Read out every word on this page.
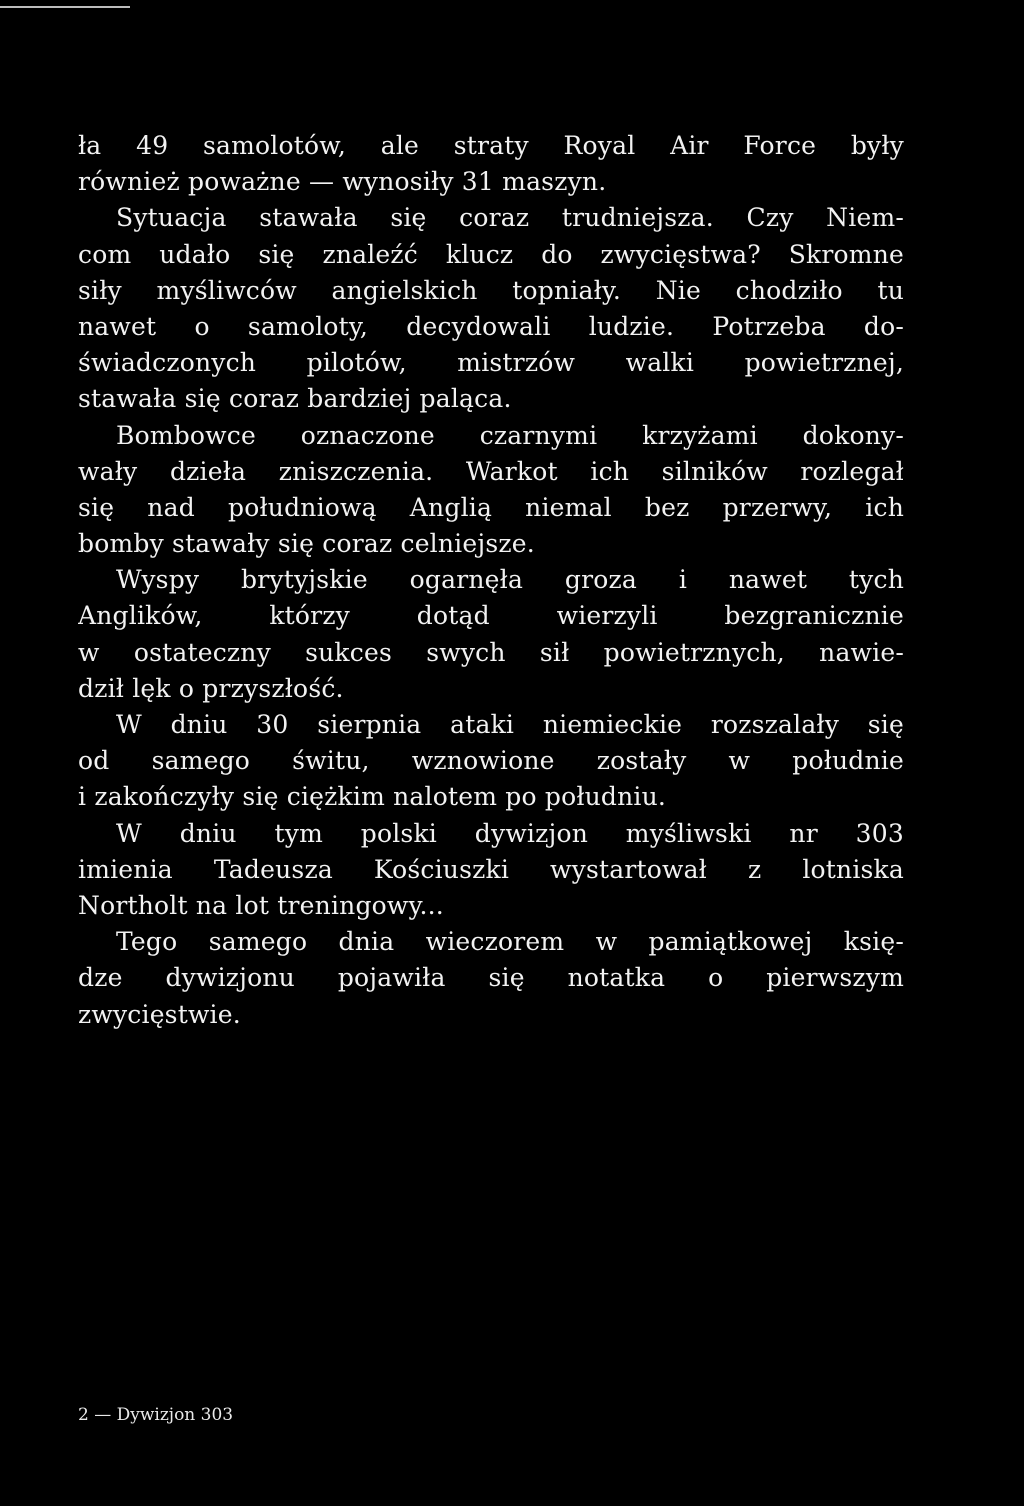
ła 49 samolotów, ale straty Royal Air Force były
również poważne — wynosiły 31 maszyn.
Sytuacja stawała się coraz trudniejsza. Czy Niem-
com udało się znaleźć klucz do zwycięstwa? Skromne
siły myśliwców angielskich topniały. Nie chodziło tu
nawet o samoloty, decydowali ludzie. Potrzeba do-
świadczonych pilotów, mistrzów walki powietrznej,
stawała się coraz bardziej paląca.
Bombowce oznaczone czarnymi krzyżami dokony-
wały dzieła zniszczenia. Warkot ich silników rozlegał
się nad południową Anglią niemal bez przerwy, ich
bomby stawały się coraz celniejsze.
Wyspy brytyjskie ogarnęła groza i nawet tych
Anglików, którzy dotąd wierzyli bezgranicznie
w ostateczny sukces swych sił powietrznych, nawie-
dził lęk o przyszłość.
W dniu 30 sierpnia ataki niemieckie rozszalały się
od samego świtu, wznowione zostały w południe
i zakończyły się ciężkim nalotem po południu.
W dniu tym polski dywizjon myśliwski nr 303
imienia Tadeusza Kościuszki wystartował z lotniska
Northolt na lot treningowy...
Tego samego dnia wieczorem w pamiątkowej księ-
dze dywizjonu pojawiła się notatka o pierwszym
zwycięstwie.
2 — Dywizjon 303
